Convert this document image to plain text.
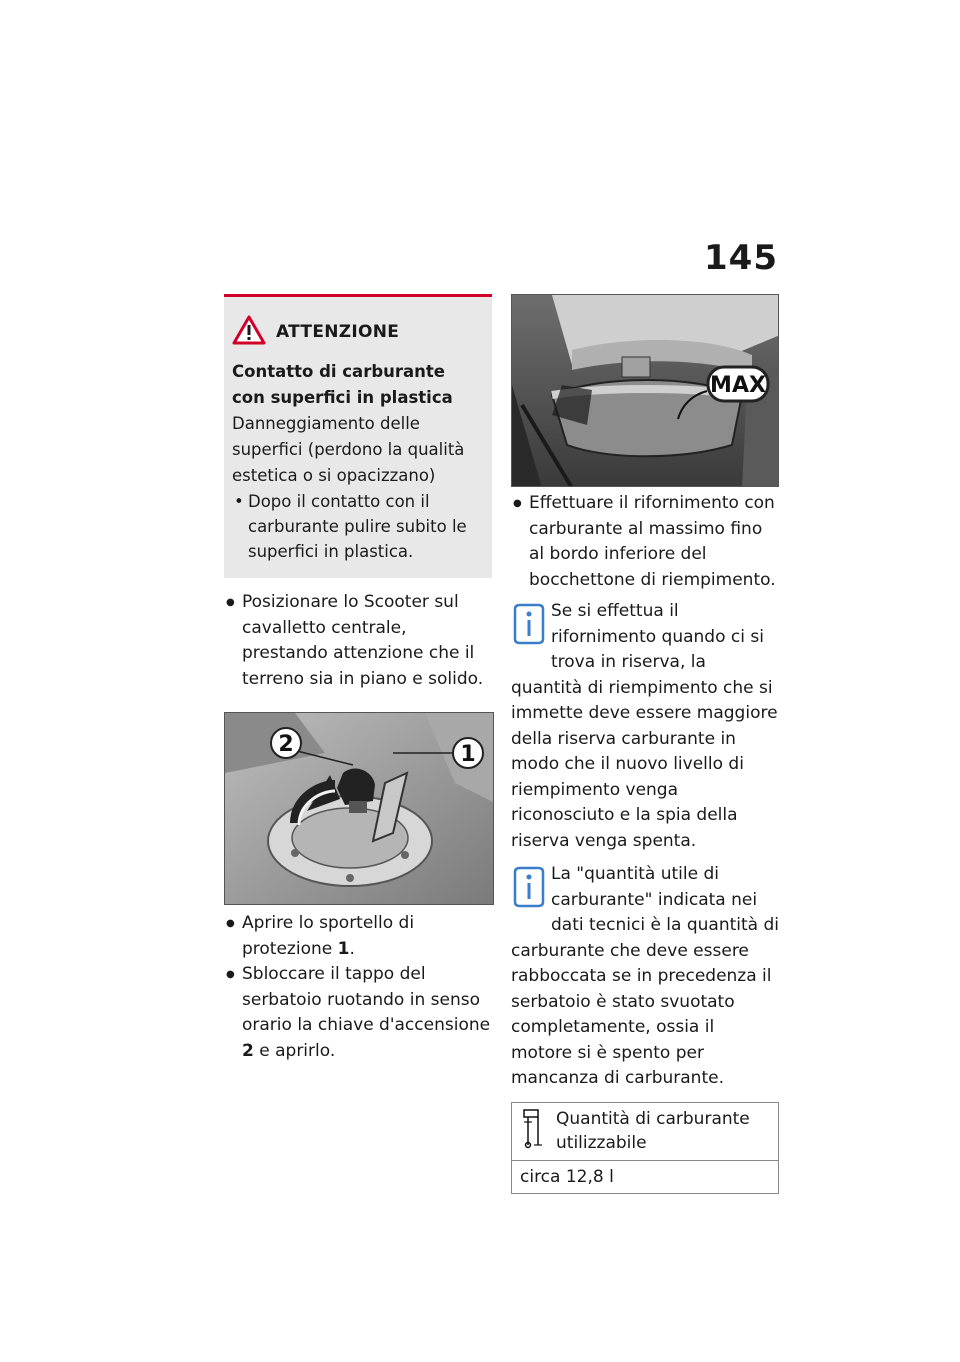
145
ATTENZIONE
Contatto di carburante con superfici in plastica
Danneggiamento delle superfici (perdono la qualità estetica o si opacizzano)
• Dopo il contatto con il carburante pulire subito le superfici in plastica.
● Posizionare lo Scooter sul cavalletto centrale, prestando attenzione che il terreno sia in piano e solido.
2	1
● Aprire lo sportello di protezione 1.
● Sbloccare il tappo del serbatoio ruotando in senso orario la chiave d'accensione 2 e aprirlo.
MAX
● Effettuare il rifornimento con carburante al massimo fino al bordo inferiore del bocchettone di riempimento.
Se si effettua il rifornimento quando ci si trova in riserva, la quantità di riempimento che si immette deve essere maggiore della riserva carburante in modo che il nuovo livello di riempimento venga riconosciuto e la spia della riserva venga spenta.
La "quantità utile di carburante" indicata nei dati tecnici è la quantità di carburante che deve essere rabboccata se in precedenza il serbatoio è stato svuotato completamente, ossia il motore si è spento per mancanza di carburante.
Quantità di carburante utilizzabile

circa 12,8 l
